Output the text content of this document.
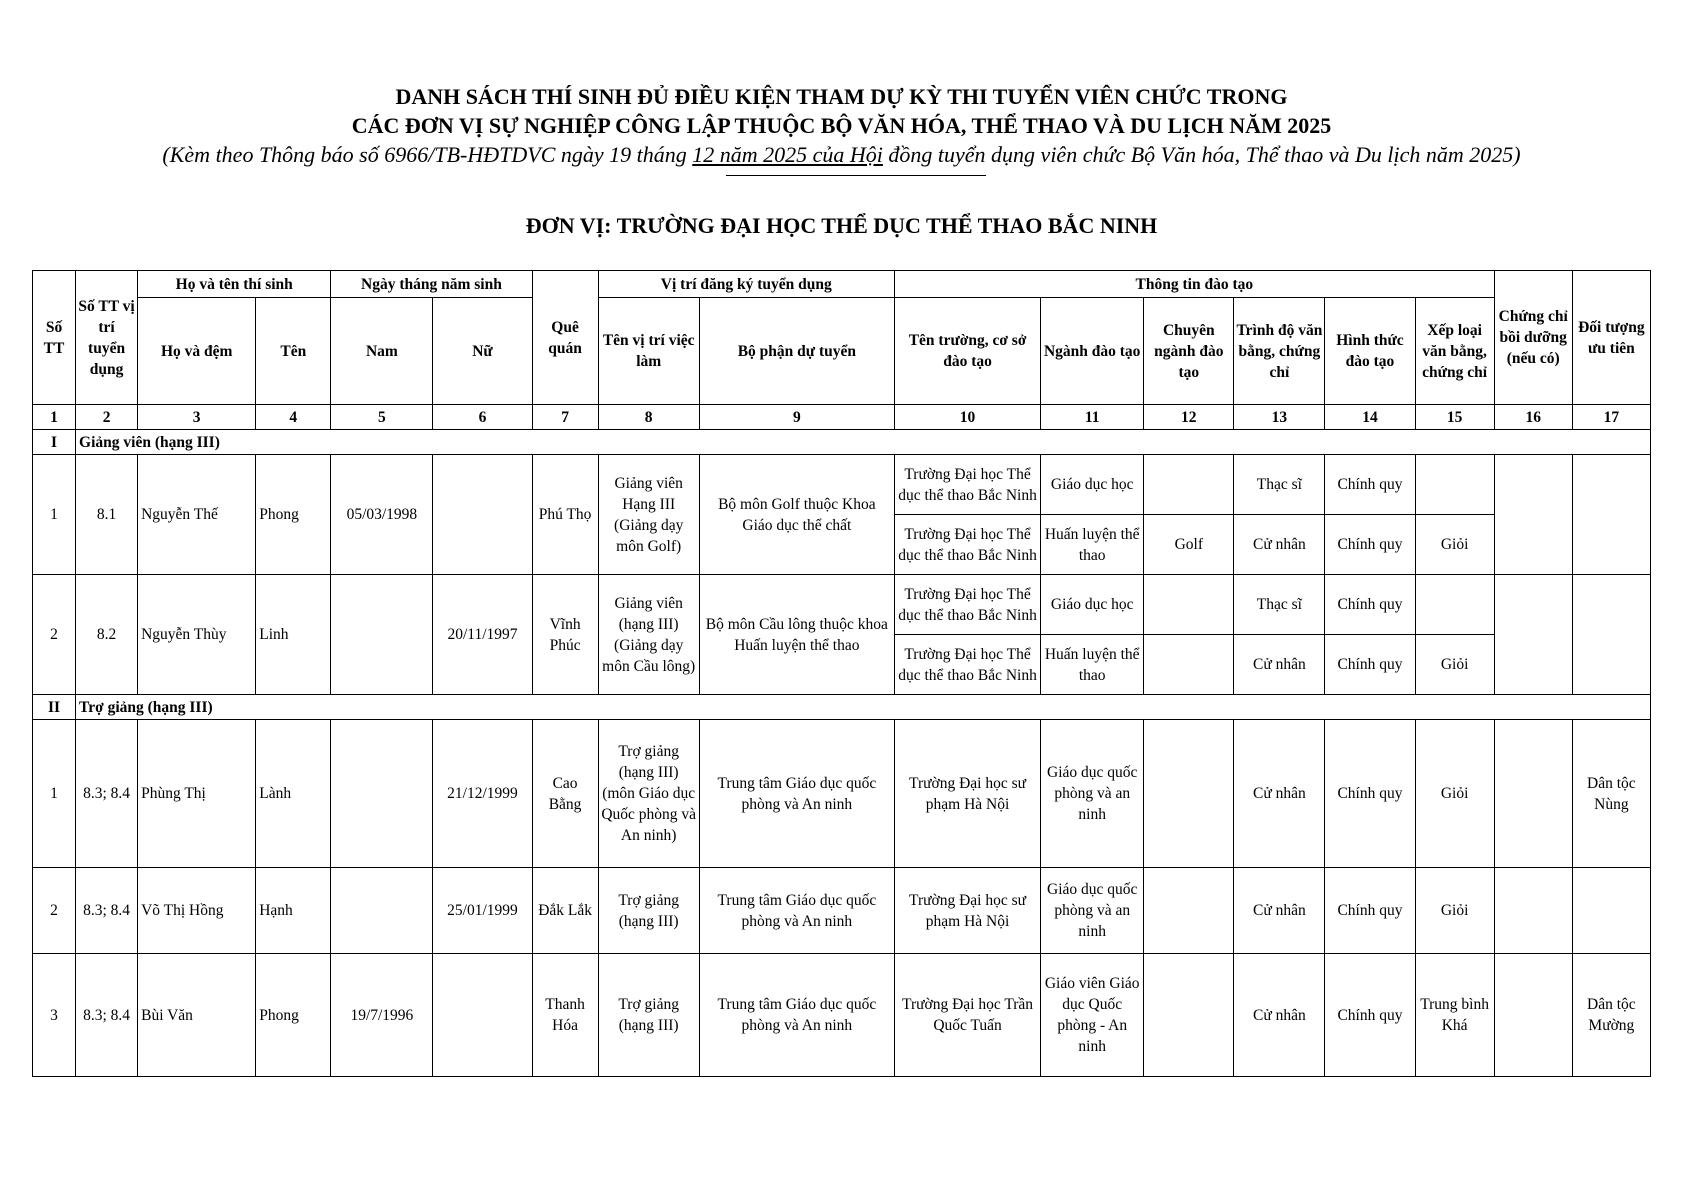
DANH SÁCH THÍ SINH ĐỦ ĐIỀU KIỆN THAM DỰ KỲ THI TUYỂN VIÊN CHỨC TRONG
CÁC ĐƠN VỊ SỰ NGHIỆP CÔNG LẬP THUỘC BỘ VĂN HÓA, THỂ THAO VÀ DU LỊCH NĂM 2025
(Kèm theo Thông báo số 6966/TB-HĐTDVC ngày 19 tháng 12 năm 2025 của Hội đồng tuyển dụng viên chức Bộ Văn hóa, Thể thao và Du lịch năm 2025)
ĐƠN VỊ: TRƯỜNG ĐẠI HỌC THỂ DỤC THỂ THAO BẮC NINH
Số TT	Số TT vị trí tuyển dụng	Họ và tên thí sinh		Ngày tháng năm sinh		Quê quán	Vị trí đăng ký tuyển dụng		Thông tin đào tạo						Chứng chỉ bồi dưỡng (nếu có)	Đối tượng ưu tiên
		Họ và đệm	Tên	Nam	Nữ		Tên vị trí việc làm	Bộ phận dự tuyển	Tên trường, cơ sở đào tạo	Ngành đào tạo	Chuyên ngành đào tạo	Trình độ văn bằng, chứng chỉ	Hình thức đào tạo	Xếp loại văn bằng, chứng chỉ		
1	2	3	4	5	6	7	8	9	10	11	12	13	14	15	16	17
I	Giảng viên (hạng III)															
1	8.1	Nguyễn Thế	Phong	05/03/1998		Phú Thọ	Giảng viên Hạng III (Giảng dạy môn Golf)	Bộ môn Golf thuộc Khoa Giáo dục thể chất	Trường Đại học Thể dục thể thao Bắc Ninh	Giáo dục học		Thạc sĩ	Chính quy			
									Trường Đại học Thể dục thể thao Bắc Ninh	Huấn luyện thể thao	Golf	Cử nhân	Chính quy	Giỏi		
2	8.2	Nguyễn Thùy	Linh		20/11/1997	Vĩnh Phúc	Giảng viên (hạng III) (Giảng dạy môn Cầu lông)	Bộ môn Cầu lông thuộc khoa Huấn luyện thể thao	Trường Đại học Thể dục thể thao Bắc Ninh	Giáo dục học		Thạc sĩ	Chính quy			
									Trường Đại học Thể dục thể thao Bắc Ninh	Huấn luyện thể thao		Cử nhân	Chính quy	Giỏi		
II	Trợ giảng (hạng III)															
1	8.3; 8.4	Phùng Thị	Lành		21/12/1999	Cao Bằng	Trợ giảng (hạng III) (môn Giáo dục Quốc phòng và An ninh)	Trung tâm Giáo dục quốc phòng và An ninh	Trường Đại học sư phạm Hà Nội	Giáo dục quốc phòng và an ninh		Cử nhân	Chính quy	Giỏi		Dân tộc Nùng
2	8.3; 8.4	Võ Thị Hồng	Hạnh		25/01/1999	Đắk Lắk	Trợ giảng (hạng III)	Trung tâm Giáo dục quốc phòng và An ninh	Trường Đại học sư phạm Hà Nội	Giáo dục quốc phòng và an ninh		Cử nhân	Chính quy	Giỏi		
3	8.3; 8.4	Bùi Văn	Phong	19/7/1996		Thanh Hóa	Trợ giảng (hạng III)	Trung tâm Giáo dục quốc phòng và An ninh	Trường Đại học Trần Quốc Tuấn	Giáo viên Giáo dục Quốc phòng - An ninh		Cử nhân	Chính quy	Trung bình Khá		Dân tộc Mường
